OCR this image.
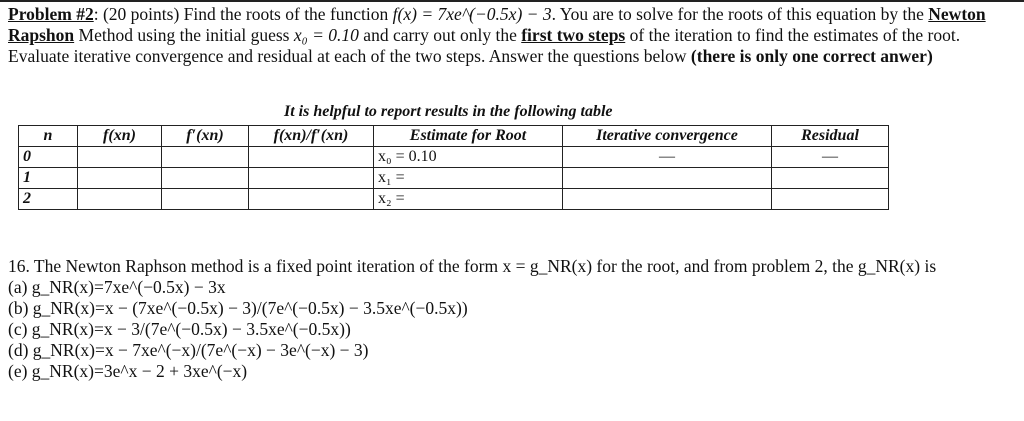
Problem #2: (20 points) Find the roots of the function f(x) = 7xe^(−0.5x) − 3. You are to solve for the roots of this equation by the Newton Rapshon Method using the initial guess x₀ = 0.10 and carry out only the first two steps of the iteration to find the estimates of the root. Evaluate iterative convergence and residual at each of the two steps. Answer the questions below (there is only one correct anwer)
It is helpful to report results in the following table
n	f(xn)	f′(xn)	f(xn)/f′(xn)	Estimate for Root	Iterative convergence	Residual
0				x₀ = 0.10	—	—
1				x₁ =		
2				x₂ =		
16. The Newton Raphson method is a fixed point iteration of the form x = g_NR(x) for the root, and from problem 2, the g_NR(x) is
(a) g_NR(x)=7xe^(−0.5x) − 3x
(b) g_NR(x)=x − (7xe^(−0.5x) − 3)/(7e^(−0.5x) − 3.5xe^(−0.5x))
(c) g_NR(x)=x − 3/(7e^(−0.5x) − 3.5xe^(−0.5x))
(d) g_NR(x)=x − 7xe^(−x)/(7e^(−x) − 3e^(−x) − 3)
(e) g_NR(x)=3e^x − 2 + 3xe^(−x)
